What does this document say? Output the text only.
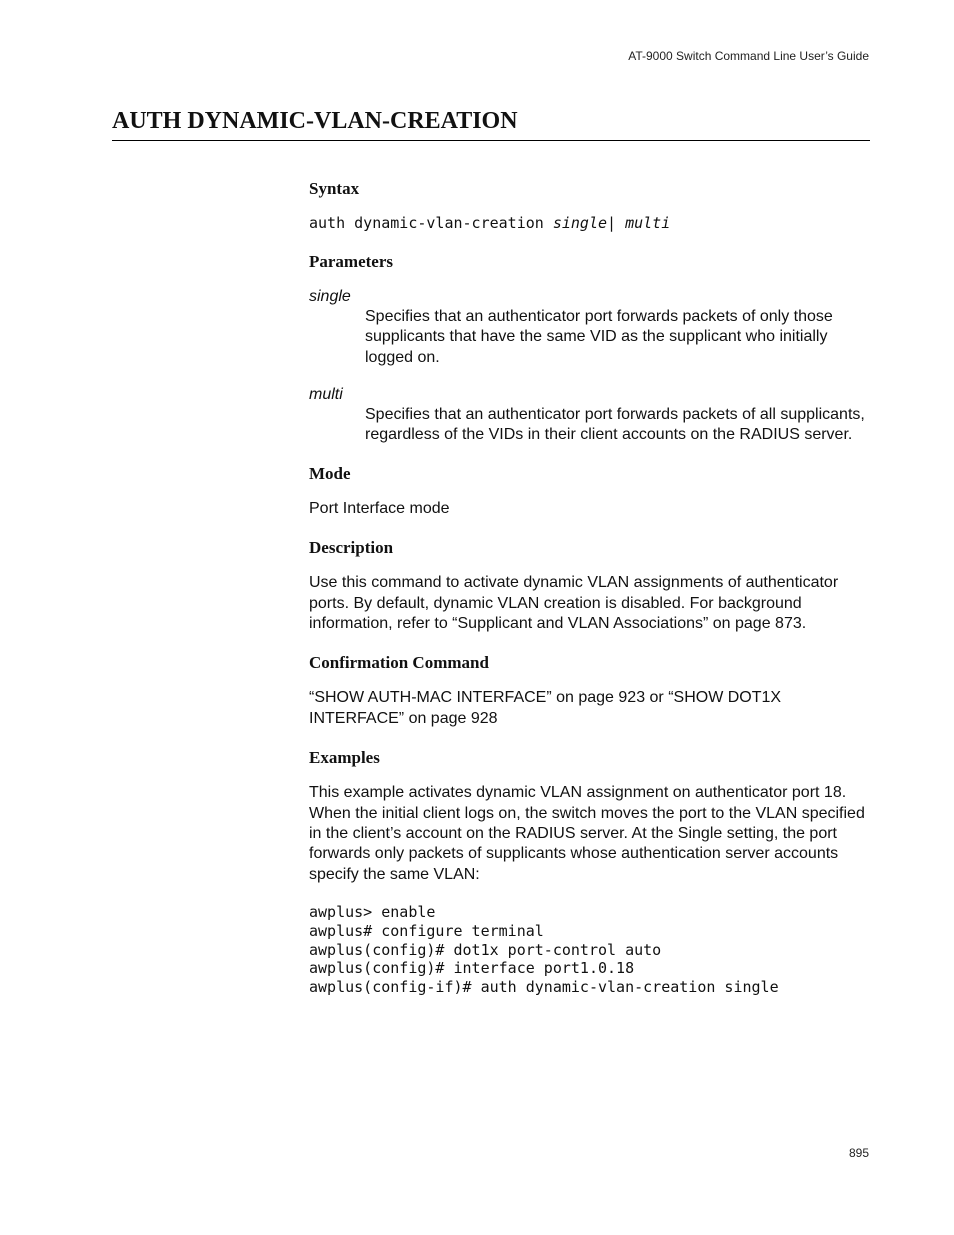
AT-9000 Switch Command Line User’s Guide
AUTH DYNAMIC-VLAN-CREATION
Syntax
auth dynamic-vlan-creation single| multi
Parameters

single

Specifies that an authenticator port forwards packets of only those supplicants that have the same VID as the supplicant who initially logged on.

multi

Specifies that an authenticator port forwards packets of all supplicants, regardless of the VIDs in their client accounts on the RADIUS server.

Mode

Port Interface mode

Description

Use this command to activate dynamic VLAN assignments of authenticator ports. By default, dynamic VLAN creation is disabled. For background information, refer to “Supplicant and VLAN Associations” on page 873.

Confirmation Command

“SHOW AUTH-MAC INTERFACE” on page 923 or “SHOW DOT1X INTERFACE” on page 928

Examples

This example activates dynamic VLAN assignment on authenticator port 18. When the initial client logs on, the switch moves the port to the VLAN specified in the client’s account on the RADIUS server. At the Single setting, the port forwards only packets of supplicants whose authentication server accounts specify the same VLAN:

awplus> enable
awplus# configure terminal
awplus(config)# dot1x port-control auto
awplus(config)# interface port1.0.18
awplus(config-if)# auth dynamic-vlan-creation single
895
